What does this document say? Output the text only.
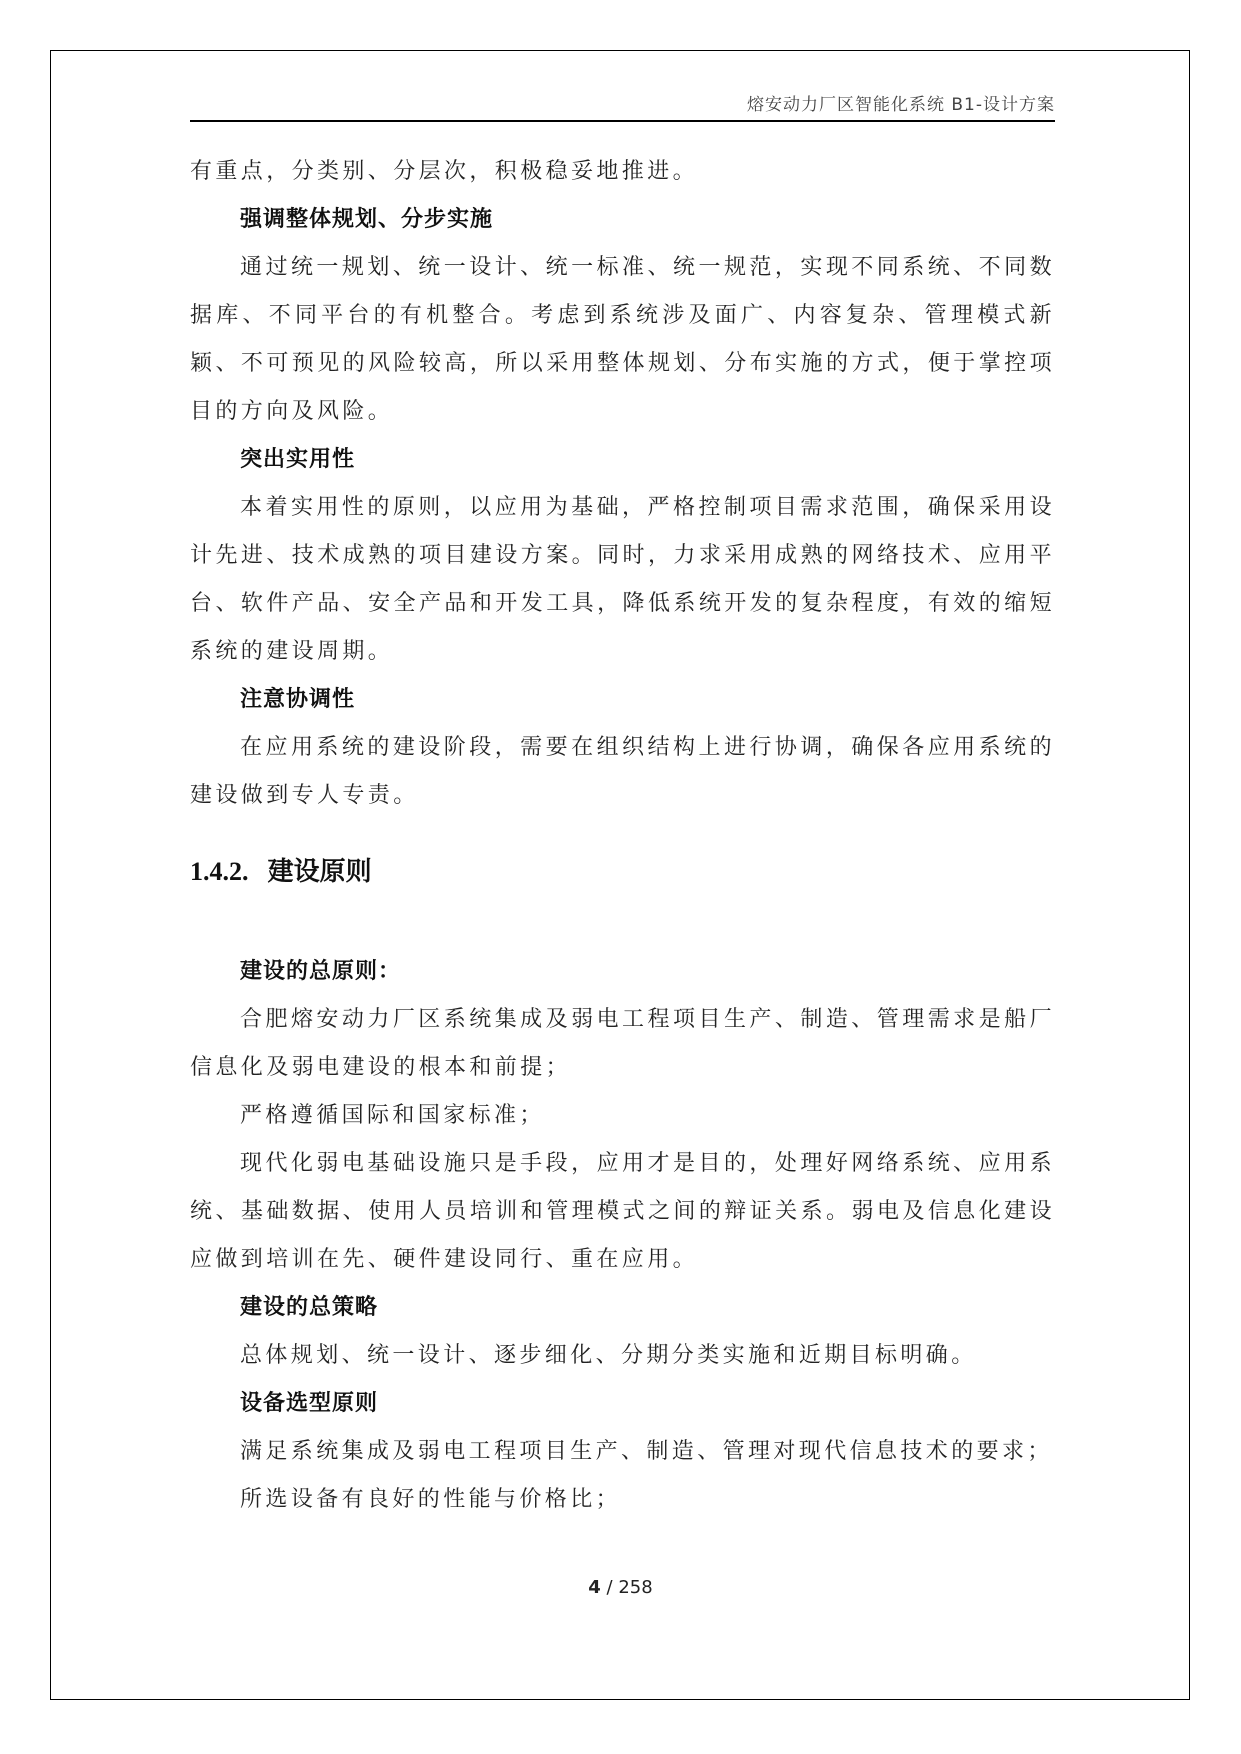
熔安动力厂区智能化系统 B1-设计方案

有重点，分类别、分层次，积极稳妥地推进。

强调整体规划、分步实施

通过统一规划、统一设计、统一标准、统一规范，实现不同系统、不同数据库、不同平台的有机整合。考虑到系统涉及面广、内容复杂、管理模式新颖、不可预见的风险较高，所以采用整体规划、分布实施的方式，便于掌控项目的方向及风险。

突出实用性

本着实用性的原则，以应用为基础，严格控制项目需求范围，确保采用设计先进、技术成熟的项目建设方案。同时，力求采用成熟的网络技术、应用平台、软件产品、安全产品和开发工具，降低系统开发的复杂程度，有效的缩短系统的建设周期。

注意协调性

在应用系统的建设阶段，需要在组织结构上进行协调，确保各应用系统的建设做到专人专责。

1.4.2. 建设原则

建设的总原则：

合肥熔安动力厂区系统集成及弱电工程项目生产、制造、管理需求是船厂信息化及弱电建设的根本和前提；

严格遵循国际和国家标准；

现代化弱电基础设施只是手段，应用才是目的，处理好网络系统、应用系统、基础数据、使用人员培训和管理模式之间的辩证关系。弱电及信息化建设应做到培训在先、硬件建设同行、重在应用。

建设的总策略

总体规划、统一设计、逐步细化、分期分类实施和近期目标明确。

设备选型原则

满足系统集成及弱电工程项目生产、制造、管理对现代信息技术的要求；

所选设备有良好的性能与价格比；

4 / 258
